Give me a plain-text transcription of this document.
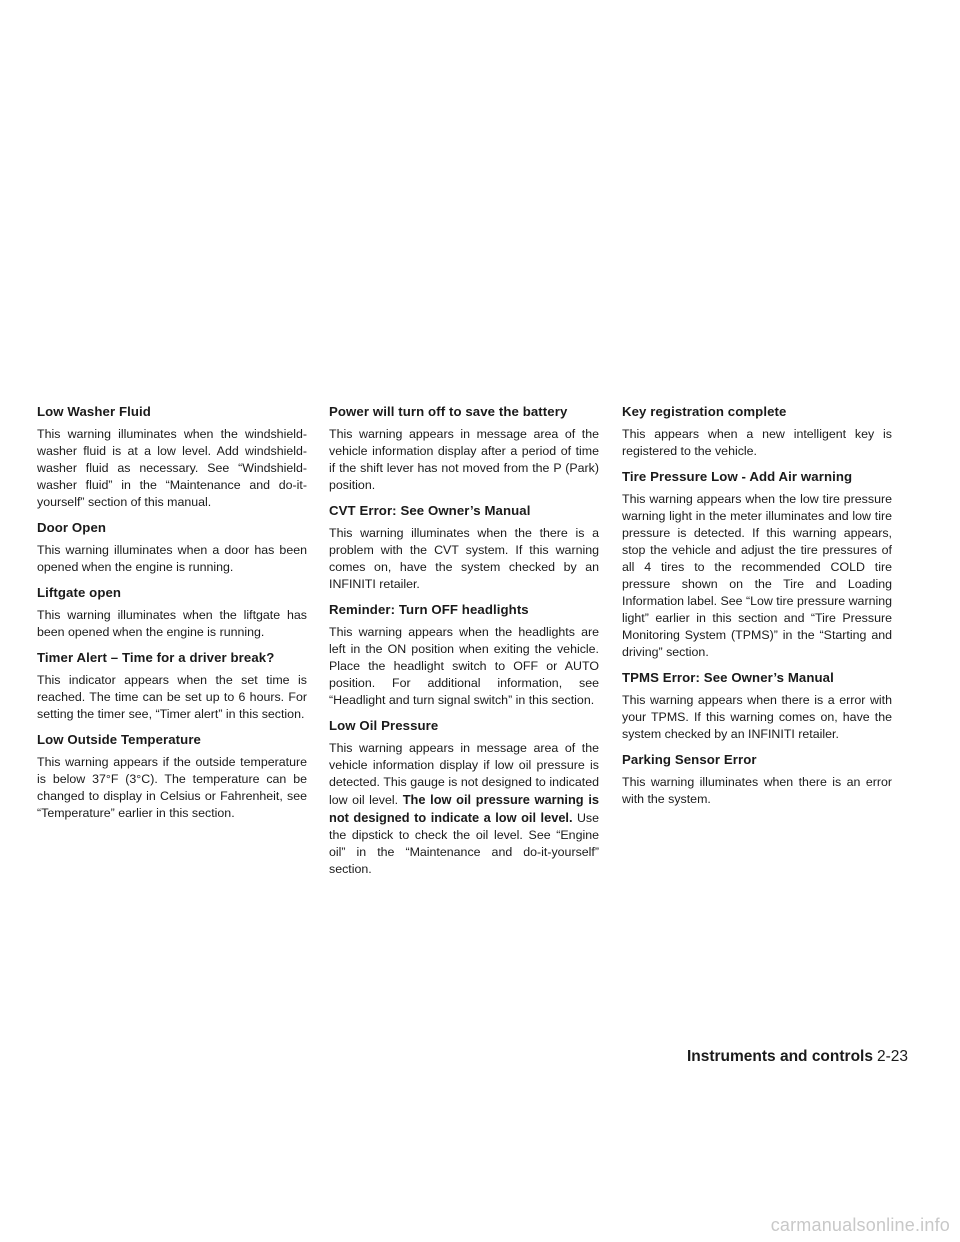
Low Washer Fluid

This warning illuminates when the windshield-washer fluid is at a low level. Add windshield-washer fluid as necessary. See “Windshield-washer fluid” in the “Maintenance and do-it-yourself” section of this manual.

Door Open

This warning illuminates when a door has been opened when the engine is running.

Liftgate open

This warning illuminates when the liftgate has been opened when the engine is running.

Timer Alert – Time for a driver break?

This indicator appears when the set time is reached. The time can be set up to 6 hours. For setting the timer see, “Timer alert” in this section.

Low Outside Temperature

This warning appears if the outside temperature is below 37°F (3°C). The temperature can be changed to display in Celsius or Fahrenheit, see “Temperature” earlier in this section.

Power will turn off to save the battery

This warning appears in message area of the vehicle information display after a period of time if the shift lever has not moved from the P (Park) position.

CVT Error: See Owner’s Manual

This warning illuminates when the there is a problem with the CVT system. If this warning comes on, have the system checked by an INFINITI retailer.

Reminder: Turn OFF headlights

This warning appears when the headlights are left in the ON position when exiting the vehicle. Place the headlight switch to OFF or AUTO position. For additional information, see “Headlight and turn signal switch” in this section.

Low Oil Pressure

This warning appears in message area of the vehicle information display if low oil pressure is detected. This gauge is not designed to indicated low oil level. The low oil pressure warning is not designed to indicate a low oil level. Use the dipstick to check the oil level. See “Engine oil” in the “Maintenance and do-it-yourself” section.

Key registration complete

This appears when a new intelligent key is registered to the vehicle.

Tire Pressure Low - Add Air warning

This warning appears when the low tire pressure warning light in the meter illuminates and low tire pressure is detected. If this warning appears, stop the vehicle and adjust the tire pressures of all 4 tires to the recommended COLD tire pressure shown on the Tire and Loading Information label. See “Low tire pressure warning light” earlier in this section and “Tire Pressure Monitoring System (TPMS)” in the “Starting and driving” section.

TPMS Error: See Owner’s Manual

This warning appears when there is a error with your TPMS. If this warning comes on, have the system checked by an INFINITI retailer.

Parking Sensor Error

This warning illuminates when there is an error with the system.

Instruments and controls 2-23
carmanualsonline.info
